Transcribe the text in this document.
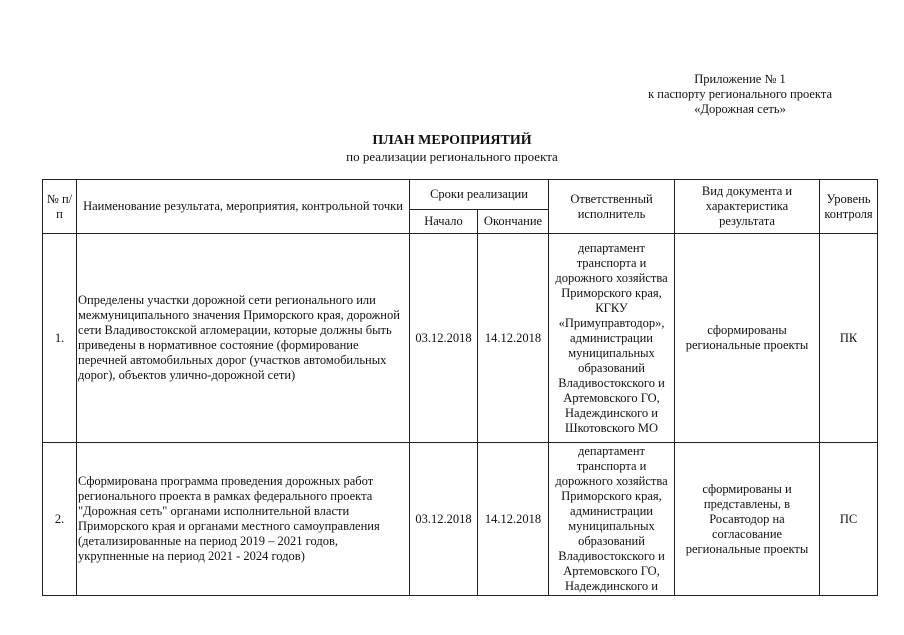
Приложение № 1
к паспорту регионального проекта
«Дорожная сеть»
ПЛАН МЕРОПРИЯТИЙ
по реализации регионального проекта
№ п/п	Наименование результата, мероприятия, контрольной точки	Сроки реализации		Ответственный исполнитель	Вид документа и характеристика результата	Уровень контроля
		Начало	Окончание			
1.	Определены участки дорожной сети регионального или межмуниципального значения Приморского края, дорожной сети Владивостокской агломерации, которые должны быть приведены в нормативное состояние (формирование перечней автомобильных дорог (участков автомобильных дорог), объектов улично-дорожной сети)	03.12.2018	14.12.2018	департамент транспорта и дорожного хозяйства Приморского края, КГКУ «Примуправтодор», администрации муниципальных образований Владивостокского и Артемовского ГО, Надеждинского и Шкотовского МО	сформированы региональные проекты	ПК
2.	Сформирована программа проведения дорожных работ регионального проекта в рамках федерального проекта "Дорожная сеть" органами исполнительной власти Приморского края и органами местного самоуправления (детализированные на период 2019 – 2021 годов, укрупненные на период 2021 - 2024 годов)	03.12.2018	14.12.2018	департамент транспорта и дорожного хозяйства Приморского края, администрации муниципальных образований Владивостокского и Артемовского ГО, Надеждинского и	сформированы и представлены, в Росавтодор на согласование региональные проекты	ПС
